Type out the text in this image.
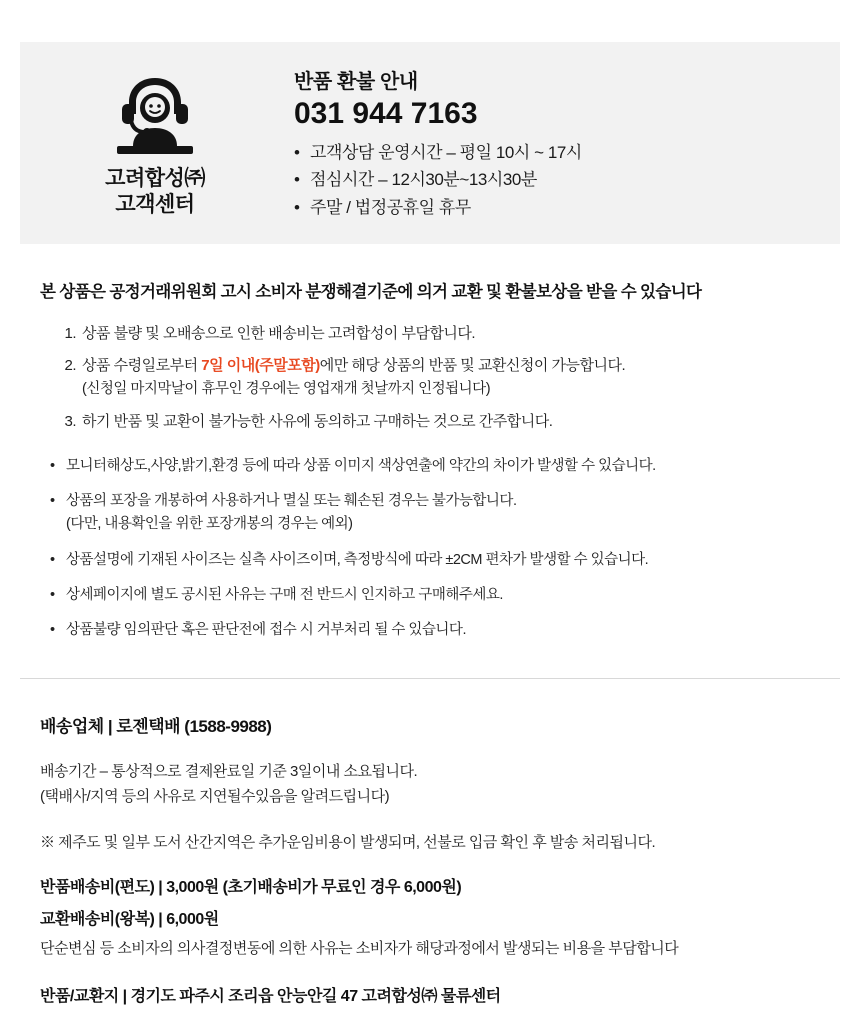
고려합성㈜
고객센터
반품 환불 안내
031 944 7163
• 고객상담 운영시간 – 평일 10시 ~ 17시
• 점심시간 – 12시30분~13시30분
• 주말 / 법정공휴일 휴무
본 상품은 공정거래위원회 고시 소비자 분쟁해결기준에 의거 교환 및 환불보상을 받을 수 있습니다
1. 상품 불량 및 오배송으로 인한 배송비는 고려합성이 부담합니다.
2. 상품 수령일로부터 7일 이내(주말포함)에만 해당 상품의 반품 및 교환신청이 가능합니다.
(신청일 마지막날이 휴무인 경우에는 영업재개 첫날까지 인정됩니다)
3. 하기 반품 및 교환이 불가능한 사유에 동의하고 구매하는 것으로 간주합니다.
• 모니터해상도,사양,밝기,환경 등에 따라 상품 이미지 색상연출에 약간의 차이가 발생할 수 있습니다.
• 상품의 포장을 개봉하여 사용하거나 멸실 또는 훼손된 경우는 불가능합니다.
(다만, 내용확인을 위한 포장개봉의 경우는 예외)
• 상품설명에 기재된 사이즈는 실측 사이즈이며, 측정방식에 따라 ±2CM 편차가 발생할 수 있습니다.
• 상세페이지에 별도 공시된 사유는 구매 전 반드시 인지하고 구매해주세요.
• 상품불량 임의판단 혹은 판단전에 접수 시 거부처리 될 수 있습니다.
배송업체 | 로젠택배 (1588-9988)
배송기간 – 통상적으로 결제완료일 기준 3일이내 소요됩니다.
(택배사/지역 등의 사유로 지연될수있음을 알려드립니다)
※ 제주도 및 일부 도서 산간지역은 추가운임비용이 발생되며, 선불로 입금 확인 후 발송 처리됩니다.
반품배송비(편도) | 3,000원 (초기배송비가 무료인 경우 6,000원)
교환배송비(왕복) | 6,000원
단순변심 등 소비자의 의사결정변동에 의한 사유는 소비자가 해당과정에서 발생되는 비용을 부담합니다
반품/교환지 | 경기도 파주시 조리읍 안능안길 47 고려합성㈜ 물류센터
